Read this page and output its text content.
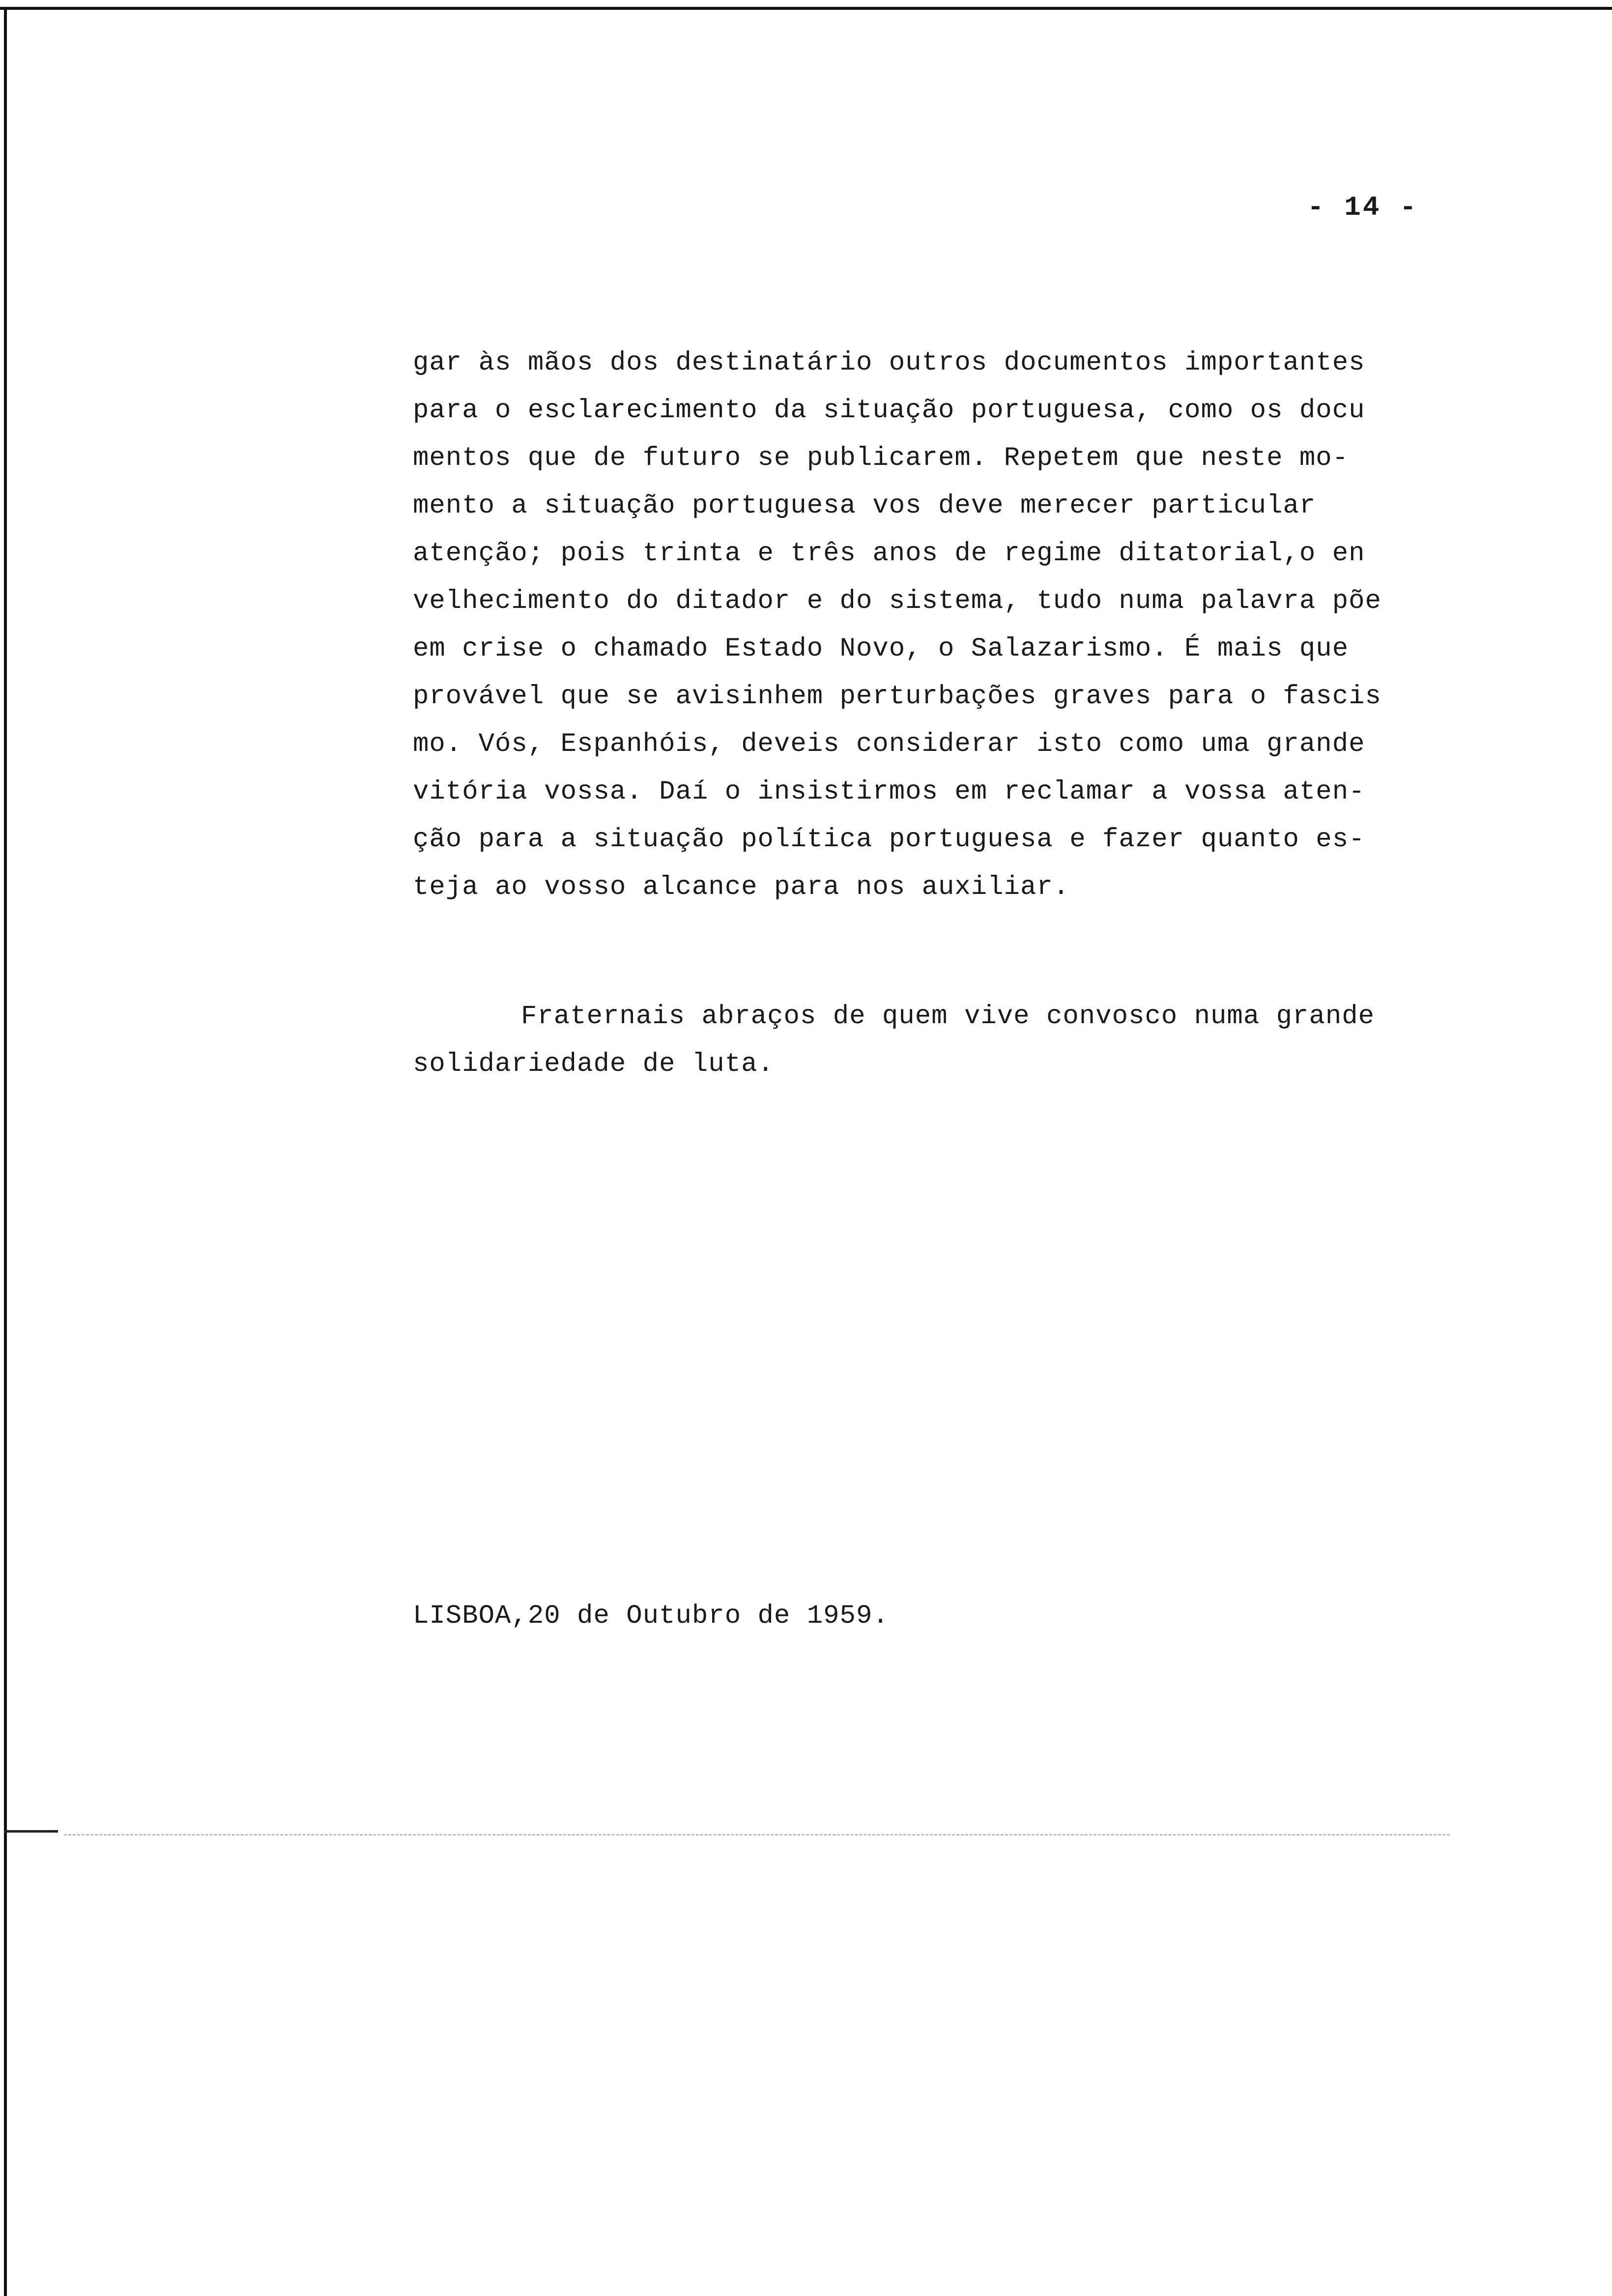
- 14 -
gar às mãos dos destinatário outros documentos importantes
para o esclarecimento da situação portuguesa, como os docu
mentos que de futuro se publicarem. Repetem que neste mo-
mento a situação portuguesa vos deve merecer particular
atenção; pois trinta e três anos de regime ditatorial,o en
velhecimento do ditador e do sistema, tudo numa palavra põe
em crise o chamado Estado Novo, o Salazarismo. É mais que
provável que se avisinhem perturbações graves para o fascis
mo. Vós, Espanhóis, deveis considerar isto como uma grande
vitória vossa. Daí o insistirmos em reclamar a vossa aten-
ção para a situação política portuguesa e fazer quanto es-
teja ao vosso alcance para nos auxiliar.
Fraternais abraços de quem vive convosco numa grande
solidariedade de luta.
LISBOA,20 de Outubro de 1959.
